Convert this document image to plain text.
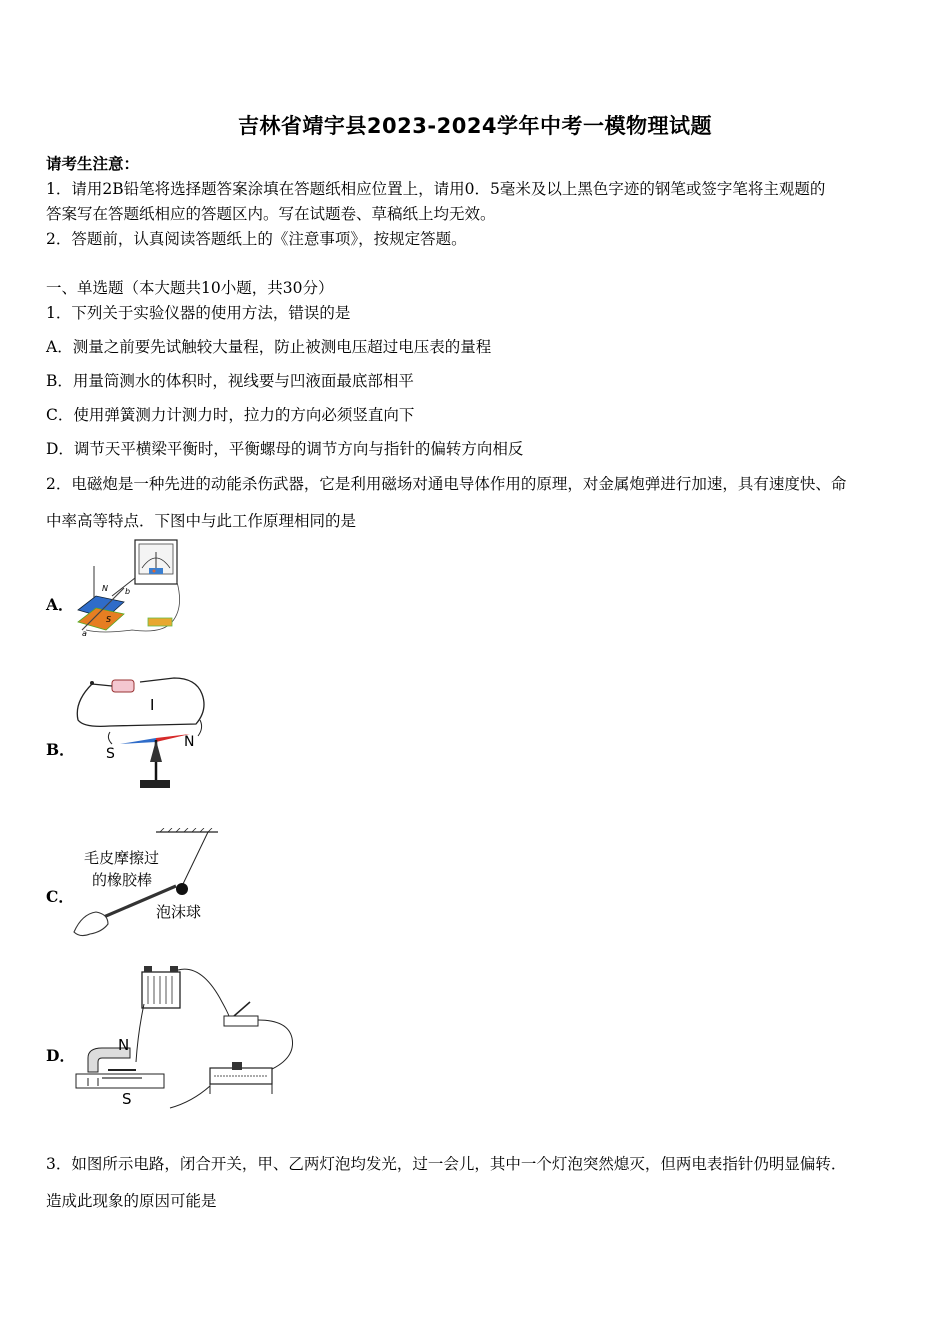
吉林省靖宇县2023-2024学年中考一模物理试题
请考生注意：
1．请用2B铅笔将选择题答案涂填在答题纸相应位置上，请用0．5毫米及以上黑色字迹的钢笔或签字笔将主观题的
答案写在答题纸相应的答题区内。写在试题卷、草稿纸上均无效。
2．答题前，认真阅读答题纸上的《注意事项》，按规定答题。
一、单选题（本大题共10小题，共30分）
1．下列关于实验仪器的使用方法，错误的是
A．测量之前要先试触较大量程，防止被测电压超过电压表的量程
B．用量筒测水的体积时，视线要与凹液面最底部相平
C．使用弹簧测力计测力时，拉力的方向必须竖直向下
D．调节天平横梁平衡时，平衡螺母的调节方向与指针的偏转方向相反
2．电磁炮是一种先进的动能杀伤武器，它是利用磁场对通电导体作用的原理，对金属炮弹进行加速，具有速度快、命
中率高等特点．下图中与此工作原理相同的是
A．
N
S
b
a
B．
I
S
N
C．
毛皮摩擦过
的橡胶棒
泡沫球
D．
N
S
3．如图所示电路，闭合开关，甲、乙两灯泡均发光，过一会儿，其中一个灯泡突然熄灭，但两电表指针仍明显偏转．
造成此现象的原因可能是
